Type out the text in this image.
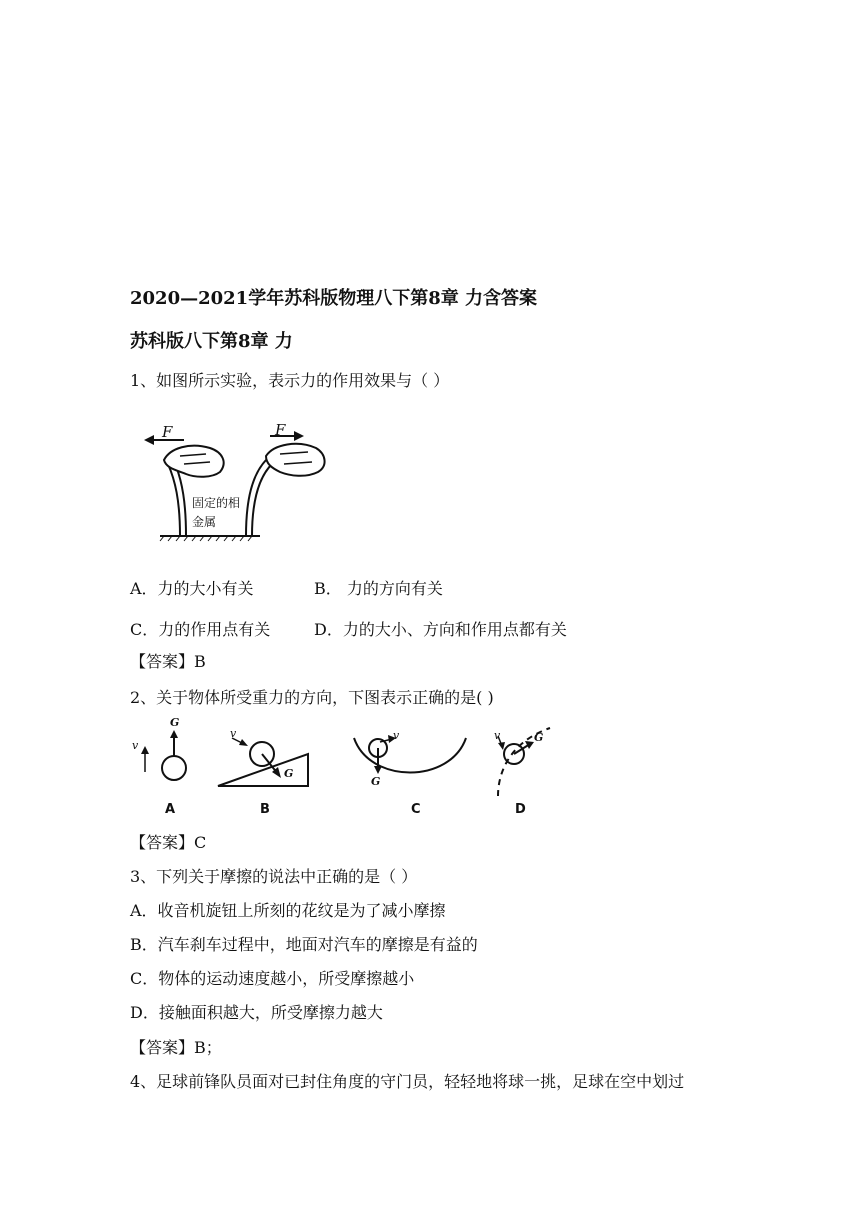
2020—2021学年苏科版物理八下第8章 力含答案
苏科版八下第8章 力
1、如图所示实验，表示力的作用效果与（ ）
F	F
固定的相
金属
A．力的大小有关	B． 力的方向有关
C．力的作用点有关	D．力的大小、方向和作用点都有关
【答案】B
2、关于物体所受重力的方向，下图表示正确的是( )
v
G
v
G
v
G
v	G
A	B	C	D
【答案】C
3、下列关于摩擦的说法中正确的是（ ）
A．收音机旋钮上所刻的花纹是为了减小摩擦
B．汽车刹车过程中，地面对汽车的摩擦是有益的
C．物体的运动速度越小，所受摩擦越小
D．接触面积越大，所受摩擦力越大
【答案】B；
4、足球前锋队员面对已封住角度的守门员，轻轻地将球一挑，足球在空中划过
